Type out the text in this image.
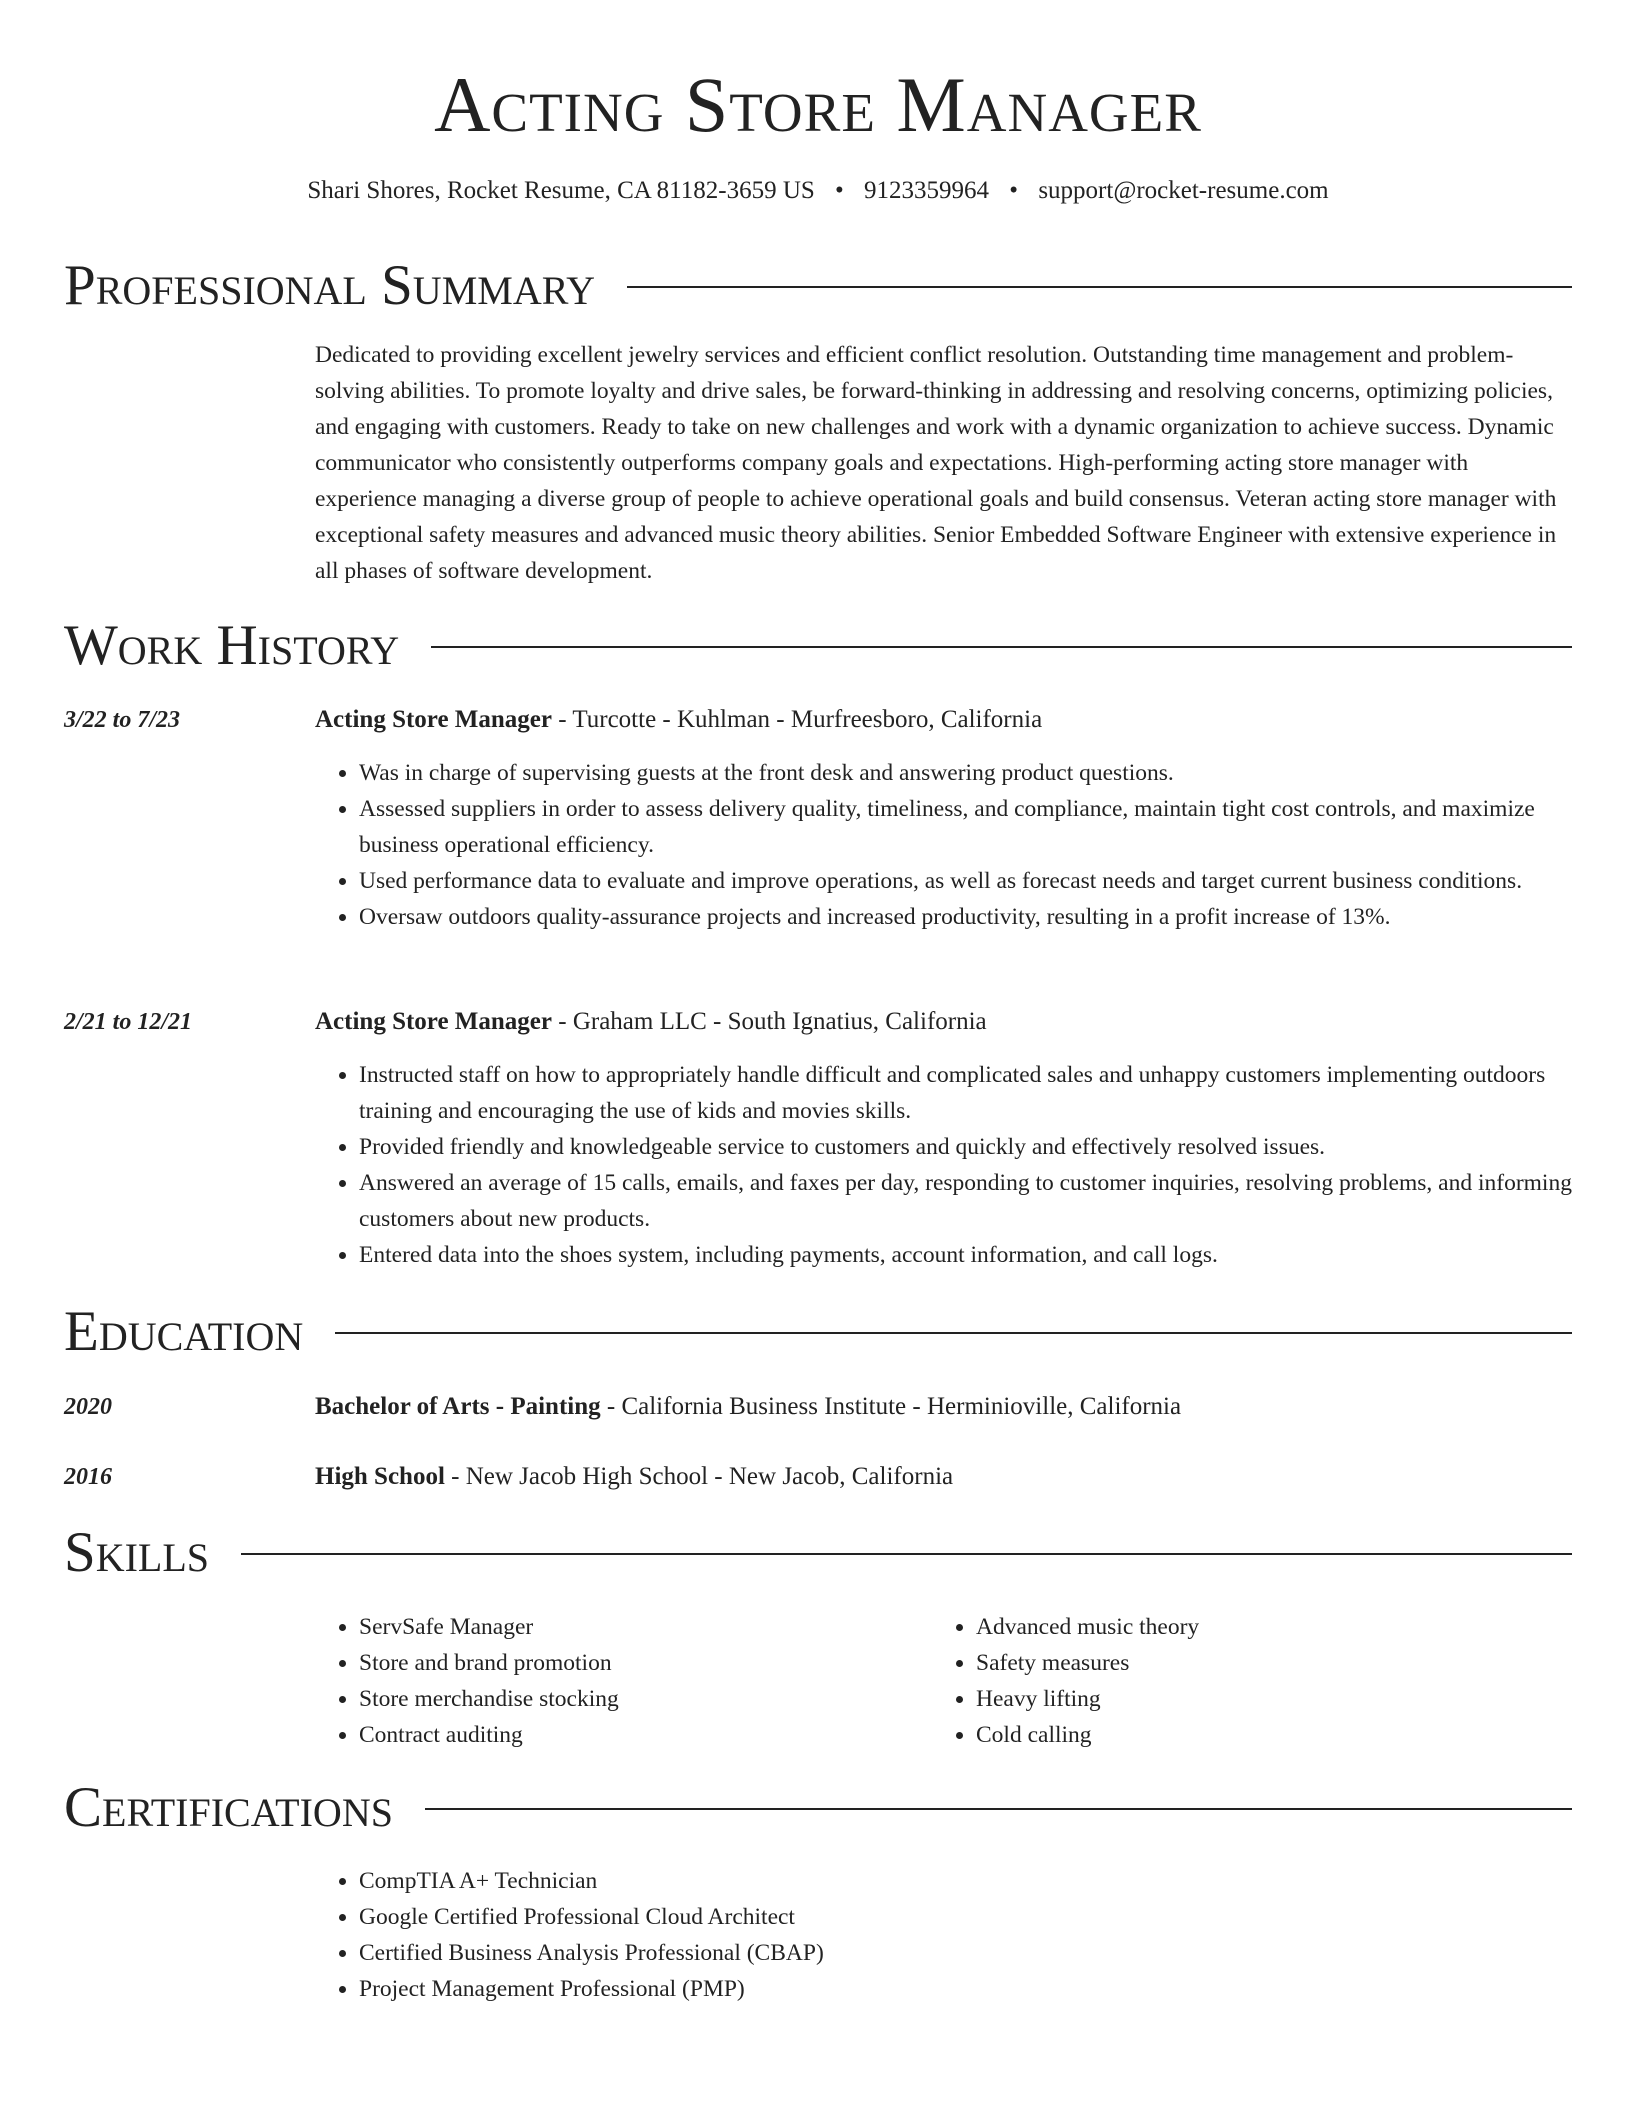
Acting Store Manager
Shari Shores, Rocket Resume, CA 81182-3659 US • 9123359964 • support@rocket-resume.com
Professional Summary
Dedicated to providing excellent jewelry services and efficient conflict resolution. Outstanding time management and problem-solving abilities. To promote loyalty and drive sales, be forward-thinking in addressing and resolving concerns, optimizing policies, and engaging with customers. Ready to take on new challenges and work with a dynamic organization to achieve success. Dynamic communicator who consistently outperforms company goals and expectations. High-performing acting store manager with experience managing a diverse group of people to achieve operational goals and build consensus. Veteran acting store manager with exceptional safety measures and advanced music theory abilities. Senior Embedded Software Engineer with extensive experience in all phases of software development.
Work History
3/22 to 7/23	Acting Store Manager - Turcotte - Kuhlman - Murfreesboro, California
• Was in charge of supervising guests at the front desk and answering product questions.
• Assessed suppliers in order to assess delivery quality, timeliness, and compliance, maintain tight cost controls, and maximize business operational efficiency.
• Used performance data to evaluate and improve operations, as well as forecast needs and target current business conditions.
• Oversaw outdoors quality-assurance projects and increased productivity, resulting in a profit increase of 13%.
2/21 to 12/21	Acting Store Manager - Graham LLC - South Ignatius, California
• Instructed staff on how to appropriately handle difficult and complicated sales and unhappy customers implementing outdoors training and encouraging the use of kids and movies skills.
• Provided friendly and knowledgeable service to customers and quickly and effectively resolved issues.
• Answered an average of 15 calls, emails, and faxes per day, responding to customer inquiries, resolving problems, and informing customers about new products.
• Entered data into the shoes system, including payments, account information, and call logs.
Education
2020	Bachelor of Arts - Painting - California Business Institute - Herminioville, California
2016	High School - New Jacob High School - New Jacob, California
Skills
• ServSafe Manager
• Store and brand promotion
• Store merchandise stocking
• Contract auditing
• Advanced music theory
• Safety measures
• Heavy lifting
• Cold calling
Certifications
• CompTIA A+ Technician
• Google Certified Professional Cloud Architect
• Certified Business Analysis Professional (CBAP)
• Project Management Professional (PMP)
